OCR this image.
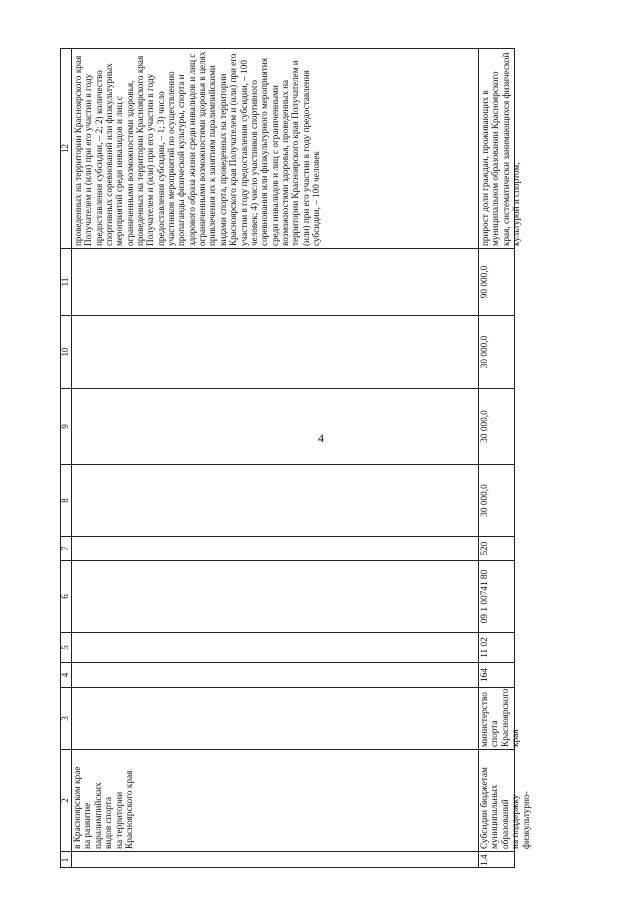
4
1
2
3
4
5
6
7
8
9
10
11
12
в Красноярском крае
на развитие
паралимпийских
видов спорта
на территории
Красноярского края
проведенных на территории Красноярского края Получателем и (или) при его участии в году предоставления субсидии, – 2; 2) количество спортивных соревнований или физкультурных мероприятий среди инвалидов и лиц с ограниченными возможностями здоровья, проведенных на территории Красноярского края Получателем и (или) при его участии в году предоставления субсидии, – 1; 3) число участников мероприятий по осуществлению пропаганды физической культуры, спорта и здорового образа жизни среди инвалидов и лиц с ограниченными возможностями здоровья в целях привлечения их к занятиям паралимпийскими видами спорта, проведенных на территории Красноярского края Получателем и (или) при его участии в году предоставления субсидии, – 100 человек; 4) число участников спортивного соревнования или физкультурного мероприятия среди инвалидов и лиц с ограниченными возможностями здоровья, проведенных на территории Красноярского края Получателем и (или) при его участии в году предоставления субсидии, – 100 человек
1.4
Субсидии бюджетам
муниципальных
образований
на поддержку
физкультурно-
министерство
спорта
Красноярского
края
164
11 02
09 1 00741 80
520
30 000,0
30 000,0
30 000,0
90 000,0
прирост доли граждан, проживающих в муниципальном образовании Красноярского края, систематически занимающихся физической культурой и спортом,
